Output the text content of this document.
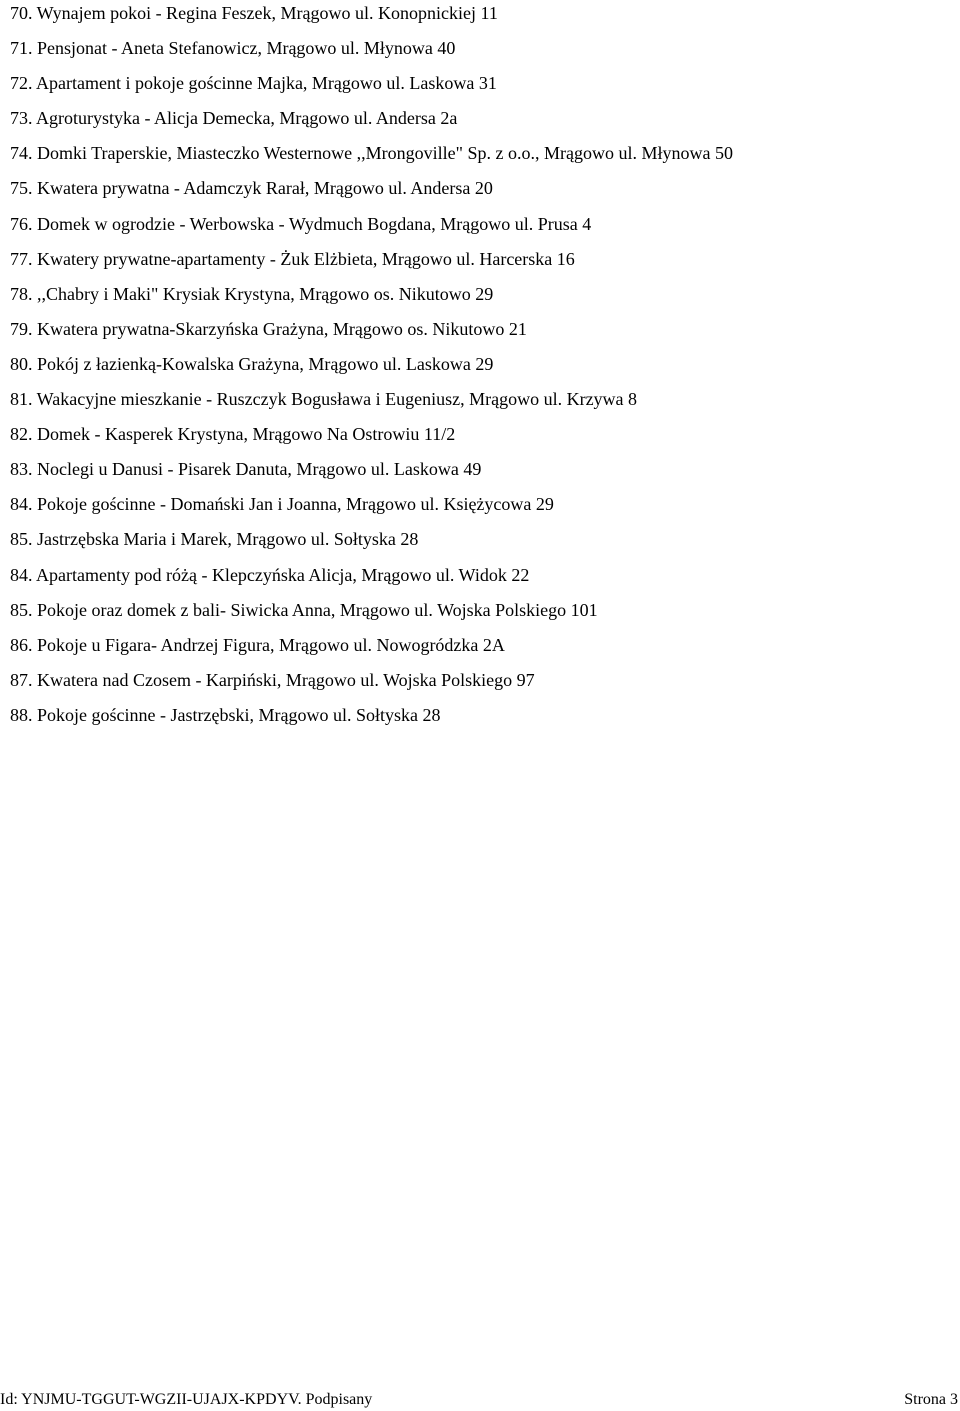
70. Wynajem pokoi - Regina Feszek, Mrągowo ul. Konopnickiej 11
71. Pensjonat - Aneta Stefanowicz, Mrągowo ul. Młynowa 40
72. Apartament i pokoje gościnne Majka, Mrągowo ul. Laskowa 31
73. Agroturystyka - Alicja Demecka, Mrągowo ul. Andersa 2a
74. Domki Traperskie, Miasteczko Westernowe ,,Mrongoville" Sp. z o.o., Mrągowo ul. Młynowa 50
75. Kwatera prywatna - Adamczyk Rarał, Mrągowo ul. Andersa 20
76. Domek w ogrodzie - Werbowska - Wydmuch Bogdana, Mrągowo ul. Prusa 4
77. Kwatery prywatne-apartamenty - Żuk Elżbieta, Mrągowo ul. Harcerska 16
78. ,,Chabry i Maki" Krysiak Krystyna, Mrągowo os. Nikutowo 29
79. Kwatera prywatna-Skarzyńska Grażyna, Mrągowo os. Nikutowo 21
80. Pokój z łazienką-Kowalska Grażyna, Mrągowo ul. Laskowa 29
81. Wakacyjne mieszkanie - Ruszczyk Bogusława i Eugeniusz, Mrągowo ul. Krzywa 8
82. Domek - Kasperek Krystyna, Mrągowo Na Ostrowiu 11/2
83. Noclegi u Danusi - Pisarek Danuta, Mrągowo ul. Laskowa 49
84. Pokoje gościnne - Domański Jan i Joanna, Mrągowo ul. Księżycowa 29
85. Jastrzębska Maria i Marek, Mrągowo ul. Sołtyska 28
84. Apartamenty pod różą - Klepczyńska Alicja, Mrągowo ul. Widok 22
85. Pokoje oraz domek z bali- Siwicka Anna, Mrągowo ul. Wojska Polskiego 101
86. Pokoje u Figara- Andrzej Figura, Mrągowo ul. Nowogródzka 2A
87. Kwatera nad Czosem - Karpiński, Mrągowo ul. Wojska Polskiego 97
88. Pokoje gościnne - Jastrzębski, Mrągowo ul. Sołtyska 28
Id: YNJMU-TGGUT-WGZII-UJAJX-KPDYV. Podpisany	Strona 3
